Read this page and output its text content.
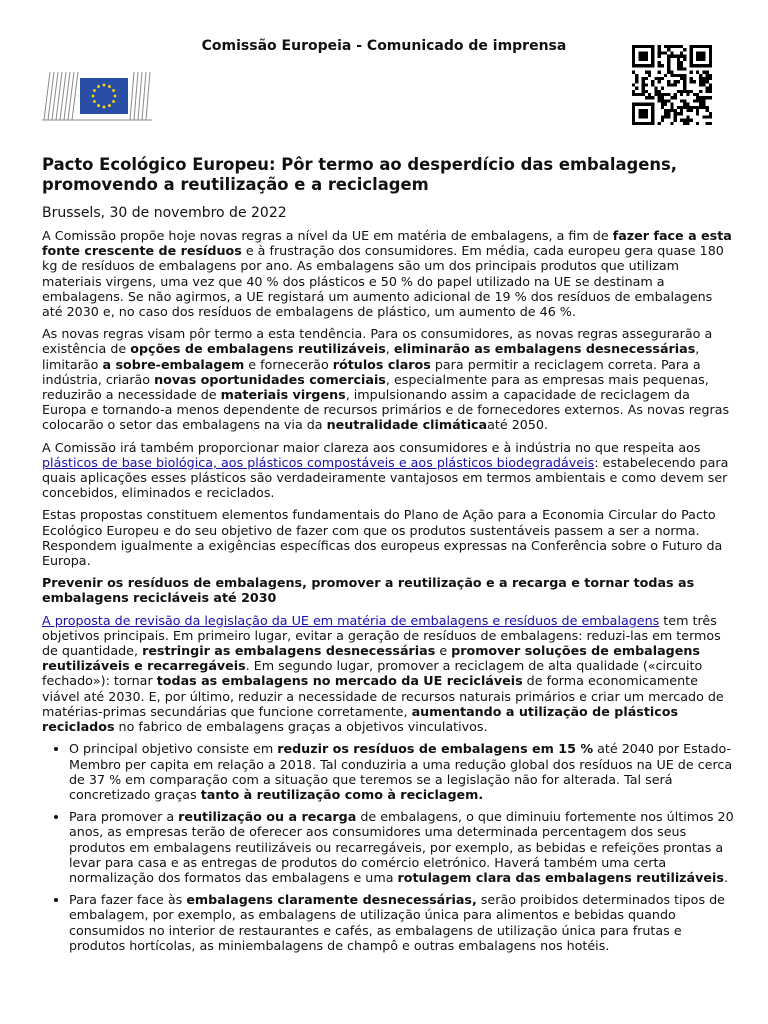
Comissão Europeia - Comunicado de imprensa
Pacto Ecológico Europeu: Pôr termo ao desperdício das embalagens, promovendo a reutilização e a reciclagem
Brussels, 30 de novembro de 2022

A Comissão propõe hoje novas regras a nível da UE em matéria de embalagens, a fim de fazer face a esta fonte crescente de resíduos e à frustração dos consumidores. Em média, cada europeu gera quase 180 kg de resíduos de embalagens por ano. As embalagens são um dos principais produtos que utilizam materiais virgens, uma vez que 40 % dos plásticos e 50 % do papel utilizado na UE se destinam a embalagens. Se não agirmos, a UE registará um aumento adicional de 19 % dos resíduos de embalagens até 2030 e, no caso dos resíduos de embalagens de plástico, um aumento de 46 %.

As novas regras visam pôr termo a esta tendência. Para os consumidores, as novas regras assegurarão a existência de opções de embalagens reutilizáveis, eliminarão as embalagens desnecessárias, limitarão a sobre-embalagem e fornecerão rótulos claros para permitir a reciclagem correta. Para a indústria, criarão novas oportunidades comerciais, especialmente para as empresas mais pequenas, reduzirão a necessidade de materiais virgens, impulsionando assim a capacidade de reciclagem da Europa e tornando-a menos dependente de recursos primários e de fornecedores externos. As novas regras colocarão o setor das embalagens na via da neutralidade climáticaaté 2050.

A Comissão irá também proporcionar maior clareza aos consumidores e à indústria no que respeita aos plásticos de base biológica, aos plásticos compostáveis e aos plásticos biodegradáveis: estabelecendo para quais aplicações esses plásticos são verdadeiramente vantajosos em termos ambientais e como devem ser concebidos, eliminados e reciclados.

Estas propostas constituem elementos fundamentais do Plano de Ação para a Economia Circular do Pacto Ecológico Europeu e do seu objetivo de fazer com que os produtos sustentáveis passem a ser a norma. Respondem igualmente a exigências específicas dos europeus expressas na Conferência sobre o Futuro da Europa.

Prevenir os resíduos de embalagens, promover a reutilização e a recarga e tornar todas as embalagens recicláveis até 2030

A proposta de revisão da legislação da UE em matéria de embalagens e resíduos de embalagens tem três objetivos principais. Em primeiro lugar, evitar a geração de resíduos de embalagens: reduzi-las em termos de quantidade, restringir as embalagens desnecessárias e promover soluções de embalagens reutilizáveis e recarregáveis. Em segundo lugar, promover a reciclagem de alta qualidade («circuito fechado»): tornar todas as embalagens no mercado da UE recicláveis de forma economicamente viável até 2030. E, por último, reduzir a necessidade de recursos naturais primários e criar um mercado de matérias-primas secundárias que funcione corretamente, aumentando a utilização de plásticos reciclados no fabrico de embalagens graças a objetivos vinculativos.

• O principal objetivo consiste em reduzir os resíduos de embalagens em 15 % até 2040 por Estado-Membro per capita em relação a 2018. Tal conduziria a uma redução global dos resíduos na UE de cerca de 37 % em comparação com a situação que teremos se a legislação não for alterada. Tal será concretizado graças tanto à reutilização como à reciclagem.
• Para promover a reutilização ou a recarga de embalagens, o que diminuiu fortemente nos últimos 20 anos, as empresas terão de oferecer aos consumidores uma determinada percentagem dos seus produtos em embalagens reutilizáveis ou recarregáveis, por exemplo, as bebidas e refeições prontas a levar para casa e as entregas de produtos do comércio eletrónico. Haverá também uma certa normalização dos formatos das embalagens e uma rotulagem clara das embalagens reutilizáveis.
• Para fazer face às embalagens claramente desnecessárias, serão proibidos determinados tipos de embalagem, por exemplo, as embalagens de utilização única para alimentos e bebidas quando consumidos no interior de restaurantes e cafés, as embalagens de utilização única para frutas e produtos hortícolas, as miniembalagens de champô e outras embalagens nos hotéis.
